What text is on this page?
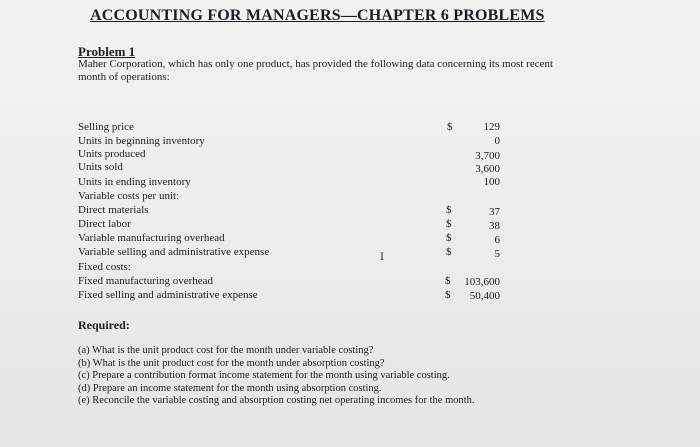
ACCOUNTING FOR MANAGERS—CHAPTER 6 PROBLEMS
Problem 1
Maher Corporation, which has only one product, has provided the following data concerning its most recent month of operations:
Selling price	$	129
Units in beginning inventory	0
Units produced	3,700
Units sold	3,600
Units in ending inventory	100
Variable costs per unit:
Direct materials	$	37
Direct labor	$	38
Variable manufacturing overhead	$	6
Variable selling and administrative expense	$	5
Fixed costs:
Fixed manufacturing overhead	$	103,600
Fixed selling and administrative expense	$	50,400
I
Required:
(a) What is the unit product cost for the month under variable costing?
(b) What is the unit product cost for the month under absorption costing?
(c) Prepare a contribution format income statement for the month using variable costing.
(d) Prepare an income statement for the month using absorption costing.
(e) Reconcile the variable costing and absorption costing net operating incomes for the month.
